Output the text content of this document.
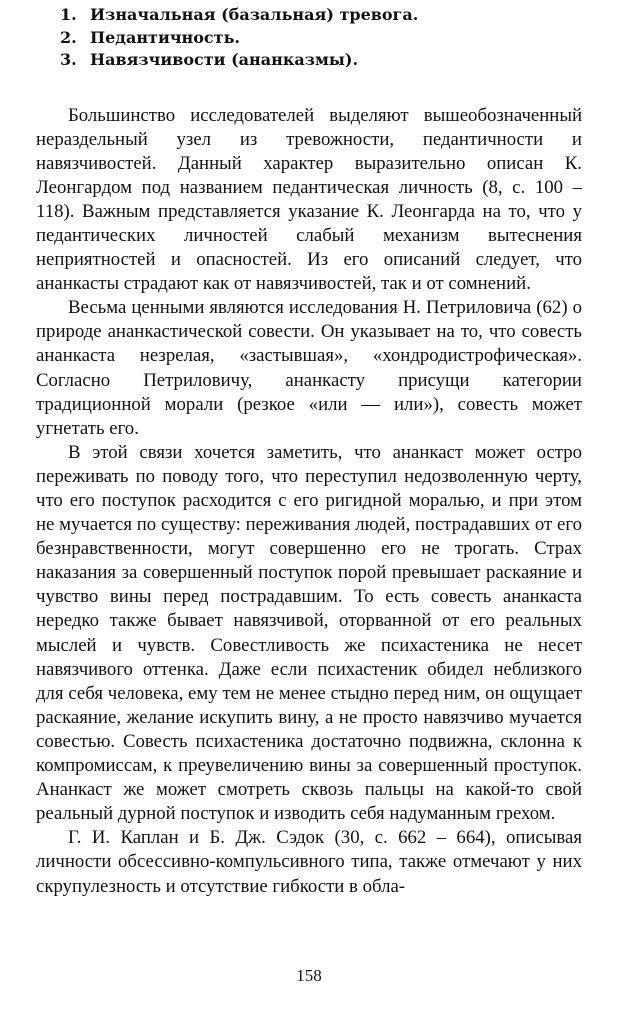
1. Изначальная (базальная) тревога.
2. Педантичность.
3. Навязчивости (ананказмы).

Большинство исследователей выделяют вышеобозначенный нераздельный узел из тревожности, педантичности и навязчивостей. Данный характер выразительно описан К. Леонгардом под названием педантическая личность (8, с. 100 – 118). Важным представляется указание К. Леонгарда на то, что у педантических личностей слабый механизм вытеснения неприятностей и опасностей. Из его описаний следует, что ананкасты страдают как от навязчивостей, так и от сомнений.

Весьма ценными являются исследования Н. Петриловича (62) о природе ананкастической совести. Он указывает на то, что совесть ананкаста незрелая, «застывшая», «хондродистрофическая». Согласно Петриловичу, ананкасту присущи категории традиционной морали (резкое «или — или»), совесть может угнетать его.

В этой связи хочется заметить, что ананкаст может остро переживать по поводу того, что переступил недозволенную черту, что его поступок расходится с его ригидной моралью, и при этом не мучается по существу: переживания людей, пострадавших от его безнравственности, могут совершенно его не трогать. Страх наказания за совершенный поступок порой превышает раскаяние и чувство вины перед пострадавшим. То есть совесть ананкаста нередко также бывает навязчивой, оторванной от его реальных мыслей и чувств. Совестливость же психастеника не несет навязчивого оттенка. Даже если психастеник обидел неблизкого для себя человека, ему тем не менее стыдно перед ним, он ощущает раскаяние, желание искупить вину, а не просто навязчиво мучается совестью. Совесть психастеника достаточно подвижна, склонна к компромиссам, к преувеличению вины за совершенный проступок. Ананкаст же может смотреть сквозь пальцы на какой-то свой реальный дурной поступок и изводить себя надуманным грехом.

Г. И. Каплан и Б. Дж. Сэдок (30, с. 662 – 664), описывая личности обсессивно-компульсивного типа, также отмечают у них скрупулезность и отсутствие гибкости в обла-

158
